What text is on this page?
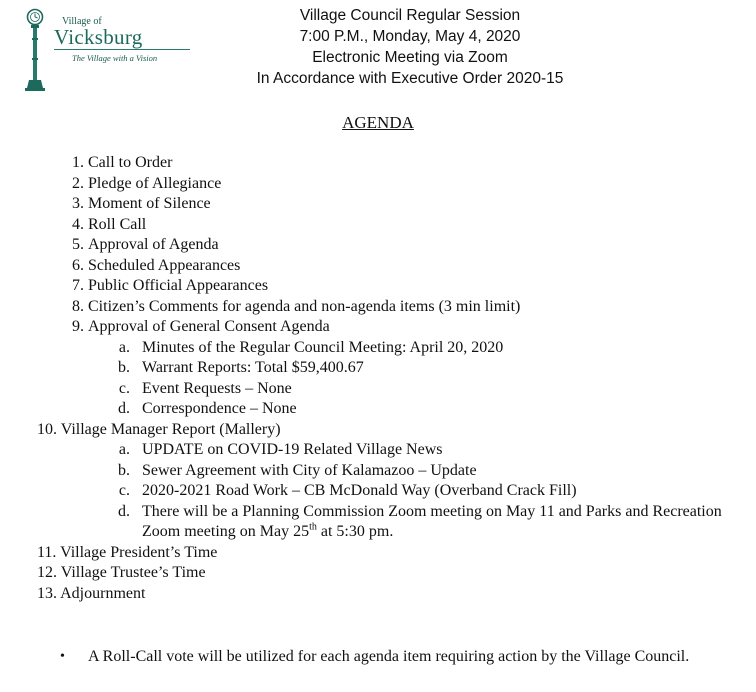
Village of
Vicksburg
The Village with a Vision
Village Council Regular Session
7:00 P.M., Monday, May 4, 2020
Electronic Meeting via Zoom
In Accordance with Executive Order 2020-15
AGENDA
1. Call to Order
2. Pledge of Allegiance
3. Moment of Silence
4. Roll Call
5. Approval of Agenda
6. Scheduled Appearances
7. Public Official Appearances
8. Citizen’s Comments for agenda and non-agenda items (3 min limit)
9. Approval of General Consent Agenda
a. Minutes of the Regular Council Meeting: April 20, 2020
b. Warrant Reports: Total $59,400.67
c. Event Requests – None
d. Correspondence – None
10. Village Manager Report (Mallery)
a. UPDATE on COVID-19 Related Village News
b. Sewer Agreement with City of Kalamazoo – Update
c. 2020-2021 Road Work – CB McDonald Way (Overband Crack Fill)
d. There will be a Planning Commission Zoom meeting on May 11 and Parks and Recreation Zoom meeting on May 25th at 5:30 pm.
11. Village President’s Time
12. Village Trustee’s Time
13. Adjournment
• A Roll-Call vote will be utilized for each agenda item requiring action by the Village Council.
